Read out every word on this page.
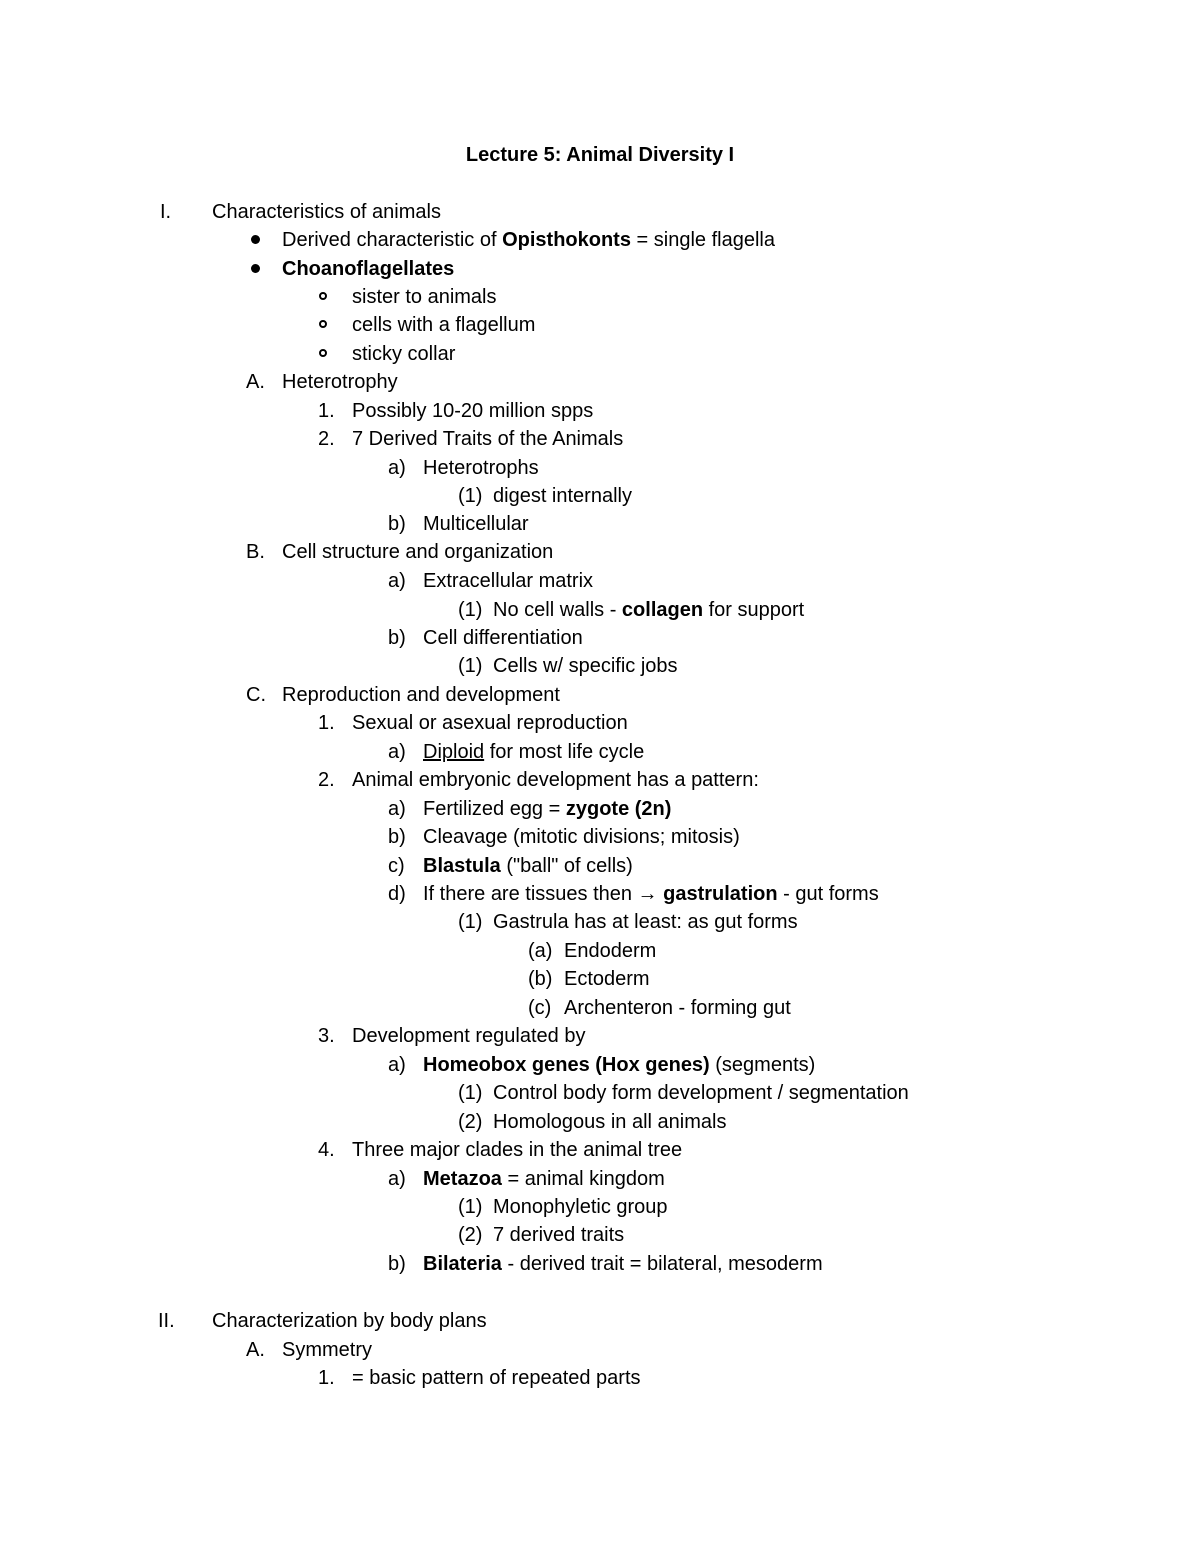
Lecture 5: Animal Diversity I
I. Characteristics of animals
Derived characteristic of Opisthokonts = single flagella
Choanoflagellates
sister to animals
cells with a flagellum
sticky collar
A. Heterotrophy
1. Possibly 10-20 million spps
2. 7 Derived Traits of the Animals
a) Heterotrophs
(1) digest internally
b) Multicellular
B. Cell structure and organization
a) Extracellular matrix
(1) No cell walls - collagen for support
b) Cell differentiation
(1) Cells w/ specific jobs
C. Reproduction and development
1. Sexual or asexual reproduction
a) Diploid for most life cycle
2. Animal embryonic development has a pattern:
a) Fertilized egg = zygote (2n)
b) Cleavage (mitotic divisions; mitosis)
c) Blastula ("ball" of cells)
d) If there are tissues then → gastrulation - gut forms
(1) Gastrula has at least: as gut forms
(a) Endoderm
(b) Ectoderm
(c) Archenteron - forming gut
3. Development regulated by
a) Homeobox genes (Hox genes) (segments)
(1) Control body form development / segmentation
(2) Homologous in all animals
4. Three major clades in the animal tree
a) Metazoa = animal kingdom
(1) Monophyletic group
(2) 7 derived traits
b) Bilateria - derived trait = bilateral, mesoderm
II. Characterization by body plans
A. Symmetry
1. = basic pattern of repeated parts
